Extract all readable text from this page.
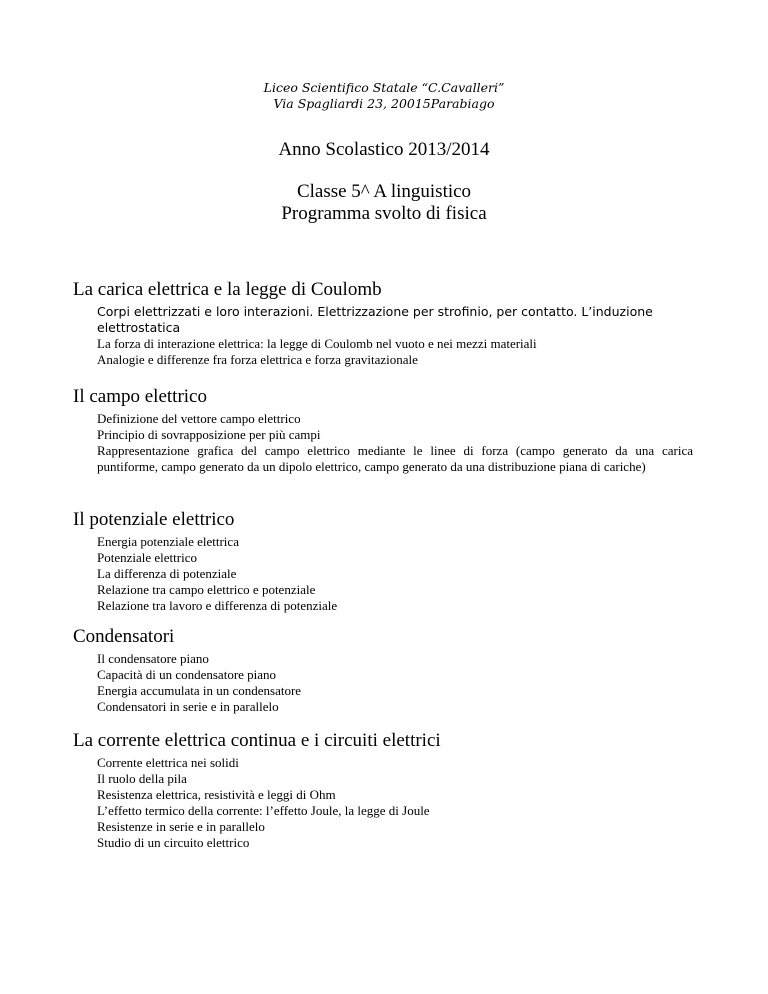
Liceo Scientifico Statale “C.Cavalleri”
Via Spagliardi 23, 20015Parabiago
Anno Scolastico 2013/2014
Classe 5^ A linguistico
Programma svolto di fisica
La carica elettrica e la legge di Coulomb
Corpi elettrizzati e loro interazioni. Elettrizzazione per strofinio, per contatto. L’induzione elettrostatica
La forza di interazione elettrica: la legge di Coulomb nel vuoto e nei mezzi materiali
Analogie e differenze fra forza elettrica e forza gravitazionale
Il campo elettrico
Definizione del vettore campo elettrico
Principio di sovrapposizione per più campi
Rappresentazione grafica del campo elettrico mediante le linee di forza (campo generato da una carica puntiforme, campo generato da un dipolo elettrico, campo generato da una distribuzione piana di cariche)
Il potenziale elettrico
Energia potenziale elettrica
Potenziale elettrico
La differenza di potenziale
Relazione tra campo elettrico e potenziale
Relazione tra lavoro e differenza di potenziale
Condensatori
Il condensatore piano
Capacità di un condensatore piano
Energia accumulata in un condensatore
Condensatori in serie e in parallelo
La corrente elettrica continua e i circuiti elettrici
Corrente elettrica nei solidi
Il ruolo della pila
Resistenza elettrica, resistività e leggi di Ohm
L’effetto termico della corrente: l’effetto Joule, la legge di Joule
Resistenze in serie e in parallelo
Studio di un circuito elettrico
